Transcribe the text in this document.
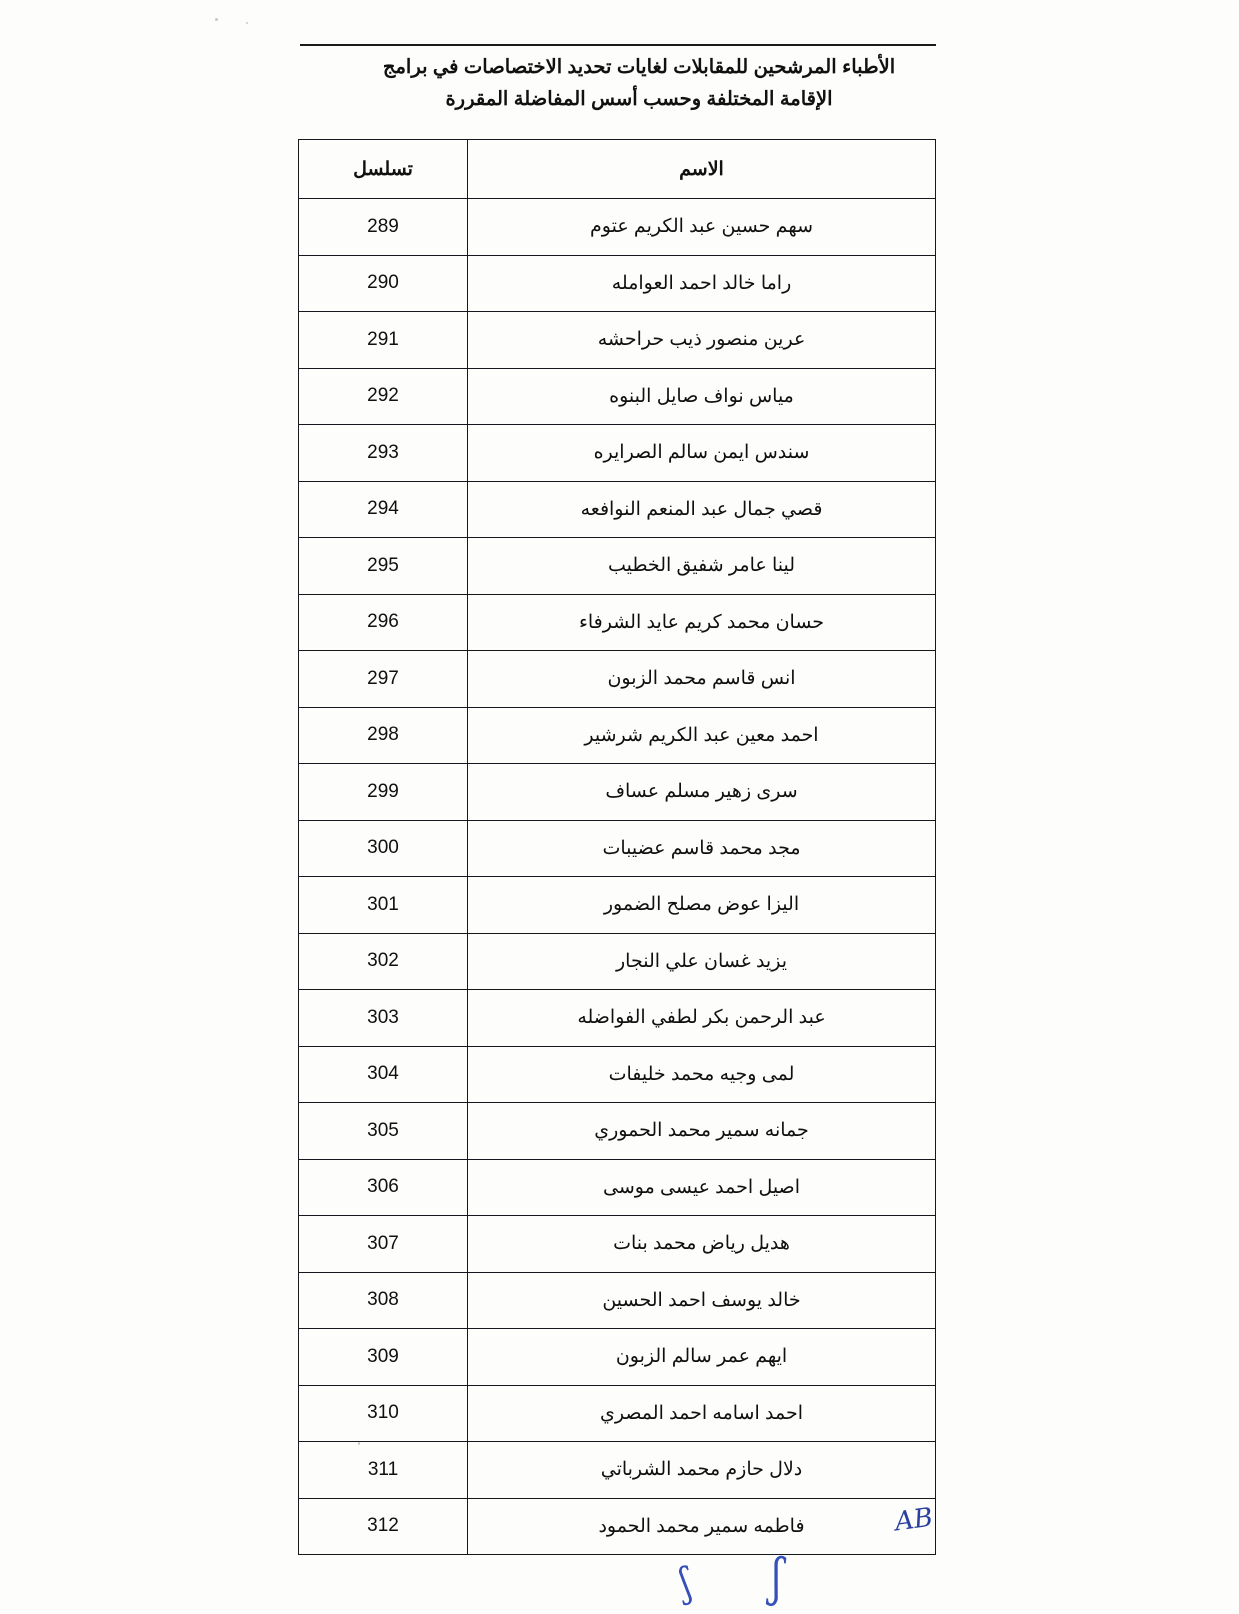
الأطباء المرشحين للمقابلات لغايات تحديد الاختصاصات في برامج
الإقامة المختلفة وحسب أسس المفاضلة المقررة
الاسم	تسلسل
سهم حسين عبد الكريم عتوم	289
راما خالد احمد العوامله	290
عرين منصور ذيب حراحشه	291
مياس نواف صايل البنوه	292
سندس ايمن سالم الصرايره	293
قصي جمال عبد المنعم النوافعه	294
لينا عامر شفيق الخطيب	295
حسان محمد كريم عايد الشرفاء	296
انس قاسم محمد الزبون	297
احمد معين عبد الكريم شرشير	298
سرى زهير مسلم عساف	299
مجد محمد قاسم عضيبات	300
اليزا عوض مصلح الضمور	301
يزيد غسان علي النجار	302
عبد الرحمن بكر لطفي الفواضله	303
لمى وجيه محمد خليفات	304
جمانه سمير محمد الحموري	305
اصيل احمد عيسى موسى	306
هديل رياض محمد بنات	307
خالد يوسف احمد الحسين	308
ايهم عمر سالم الزبون	309
احمد اسامه احمد المصري	310
دلال حازم محمد الشرباتي	311
فاطمه سمير محمد الحمود	312	AB
ʃ
ʃ
